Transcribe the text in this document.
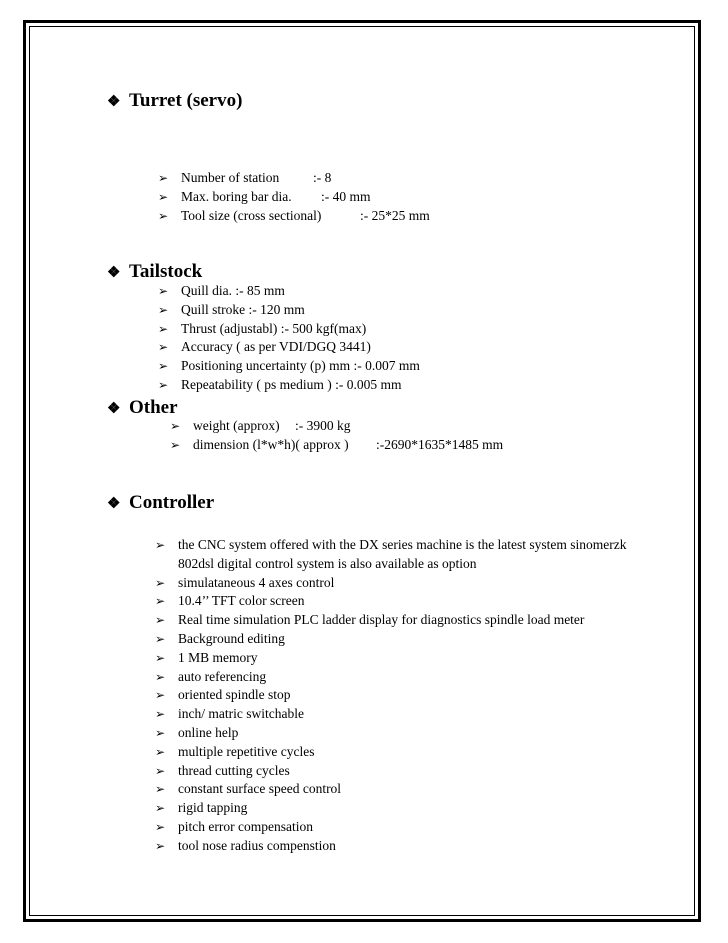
❖ Turret (servo)
➢ Number of station	:- 8
➢ Max. boring bar dia. :- 40 mm
➢ Tool size (cross sectional)	:- 25*25 mm
❖ Tailstock
➢ Quill dia. :- 85 mm
➢ Quill stroke :- 120 mm
➢ Thrust (adjustabl) :- 500 kgf(max)
➢ Accuracy ( as per VDI/DGQ 3441)
➢ Positioning uncertainty (p) mm :- 0.007 mm
➢ Repeatability ( ps medium ) :- 0.005 mm
❖ Other
➢ weight (approx) :- 3900 kg
➢ dimension (l*w*h)( approx ) :-2690*1635*1485 mm
❖ Controller
➢ the CNC system offered with the DX series machine is the latest system sinomerzk 802dsl digital control system is also available as option
➢ simulataneous 4 axes control
➢ 10.4’’ TFT color screen
➢ Real time simulation PLC ladder display for diagnostics spindle load meter
➢ Background editing
➢ 1 MB memory
➢ auto referencing
➢ oriented spindle stop
➢ inch/ matric switchable
➢ online help
➢ multiple repetitive cycles
➢ thread cutting cycles
➢ constant surface speed control
➢ rigid tapping
➢ pitch error compensation
➢ tool nose radius compenstion
